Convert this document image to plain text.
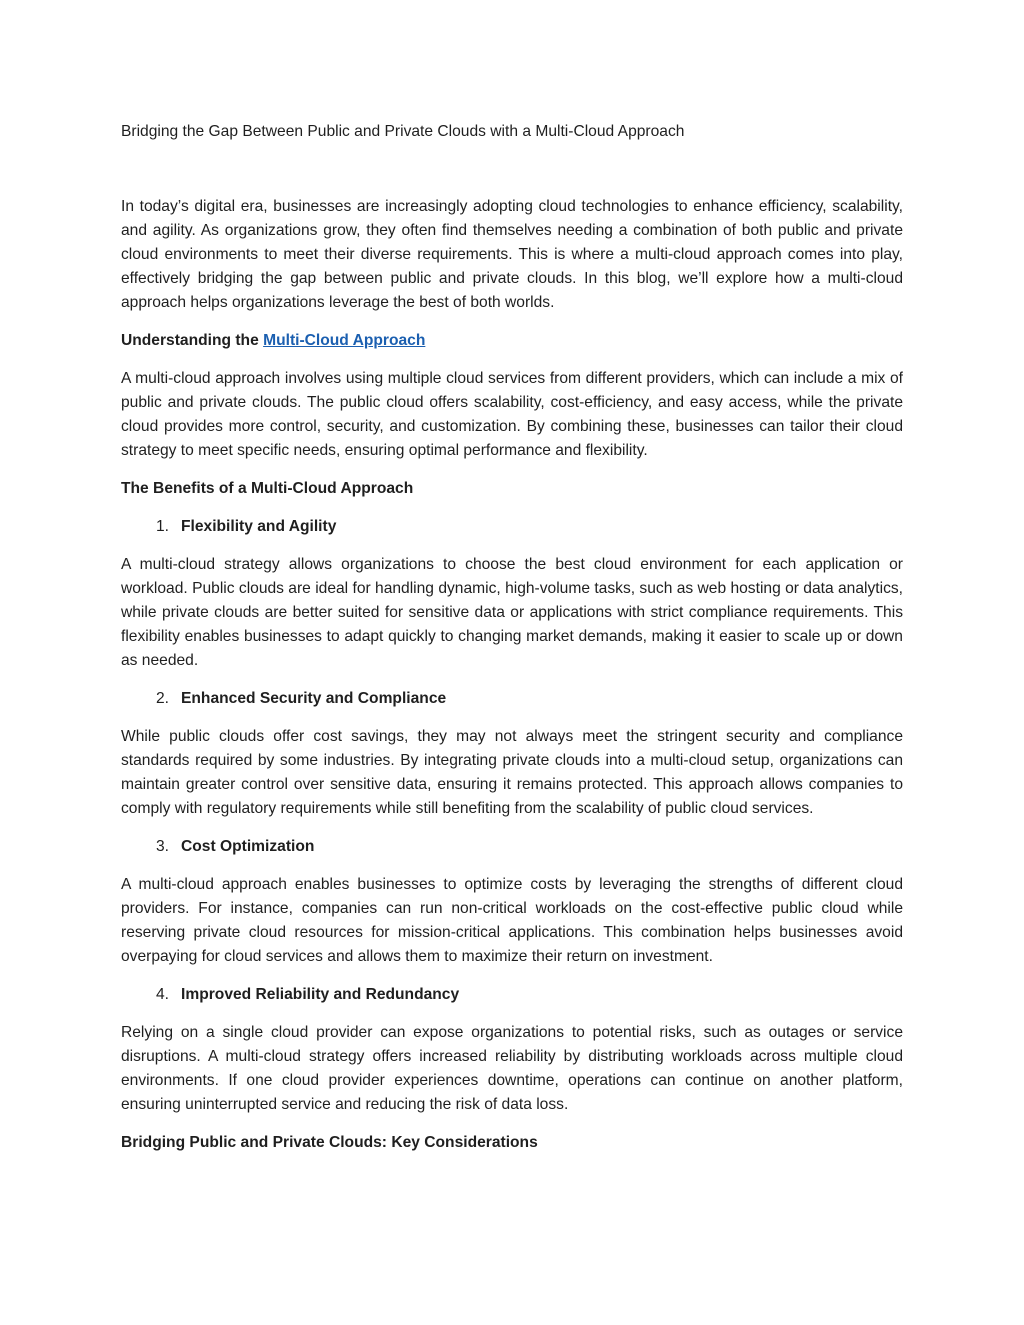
Bridging the Gap Between Public and Private Clouds with a Multi-Cloud Approach

In today’s digital era, businesses are increasingly adopting cloud technologies to enhance efficiency, scalability, and agility. As organizations grow, they often find themselves needing a combination of both public and private cloud environments to meet their diverse requirements. This is where a multi-cloud approach comes into play, effectively bridging the gap between public and private clouds. In this blog, we’ll explore how a multi-cloud approach helps organizations leverage the best of both worlds.

Understanding the Multi-Cloud Approach

A multi-cloud approach involves using multiple cloud services from different providers, which can include a mix of public and private clouds. The public cloud offers scalability, cost-efficiency, and easy access, while the private cloud provides more control, security, and customization. By combining these, businesses can tailor their cloud strategy to meet specific needs, ensuring optimal performance and flexibility.

The Benefits of a Multi-Cloud Approach
1. Flexibility and Agility

A multi-cloud strategy allows organizations to choose the best cloud environment for each application or workload. Public clouds are ideal for handling dynamic, high-volume tasks, such as web hosting or data analytics, while private clouds are better suited for sensitive data or applications with strict compliance requirements. This flexibility enables businesses to adapt quickly to changing market demands, making it easier to scale up or down as needed.

2. Enhanced Security and Compliance

While public clouds offer cost savings, they may not always meet the stringent security and compliance standards required by some industries. By integrating private clouds into a multi-cloud setup, organizations can maintain greater control over sensitive data, ensuring it remains protected. This approach allows companies to comply with regulatory requirements while still benefiting from the scalability of public cloud services.

3. Cost Optimization

A multi-cloud approach enables businesses to optimize costs by leveraging the strengths of different cloud providers. For instance, companies can run non-critical workloads on the cost-effective public cloud while reserving private cloud resources for mission-critical applications. This combination helps businesses avoid overpaying for cloud services and allows them to maximize their return on investment.

4. Improved Reliability and Redundancy

Relying on a single cloud provider can expose organizations to potential risks, such as outages or service disruptions. A multi-cloud strategy offers increased reliability by distributing workloads across multiple cloud environments. If one cloud provider experiences downtime, operations can continue on another platform, ensuring uninterrupted service and reducing the risk of data loss.

Bridging Public and Private Clouds: Key Considerations
